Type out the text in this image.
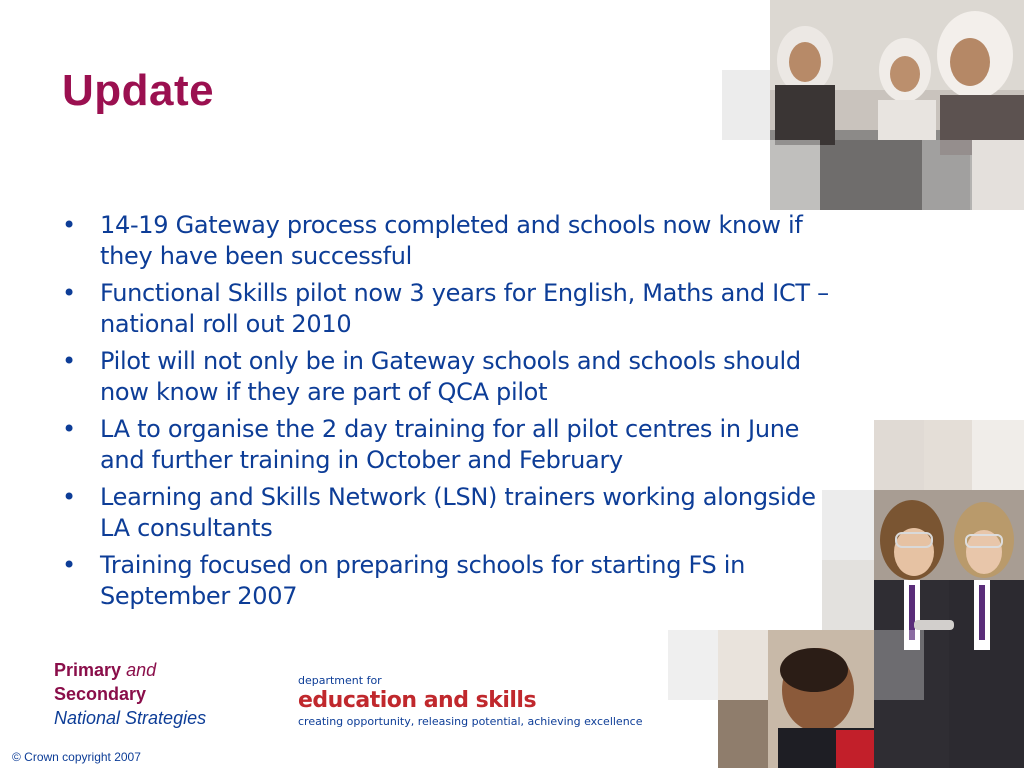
Update
• 14-19 Gateway process completed and schools now know if they have been successful
• Functional Skills pilot now 3 years for English, Maths and ICT – national roll out 2010
• Pilot will not only be in Gateway schools and schools should now know if they are part of QCA pilot
• LA to organise the 2 day training for all pilot centres in June and further training in October and February
• Learning and Skills Network (LSN) trainers working alongside LA consultants
• Training focused on preparing schools for starting FS in September 2007
Primary and
Secondary
National Strategies
department for
education and skills
creating opportunity, releasing potential, achieving excellence
© Crown copyright 2007
